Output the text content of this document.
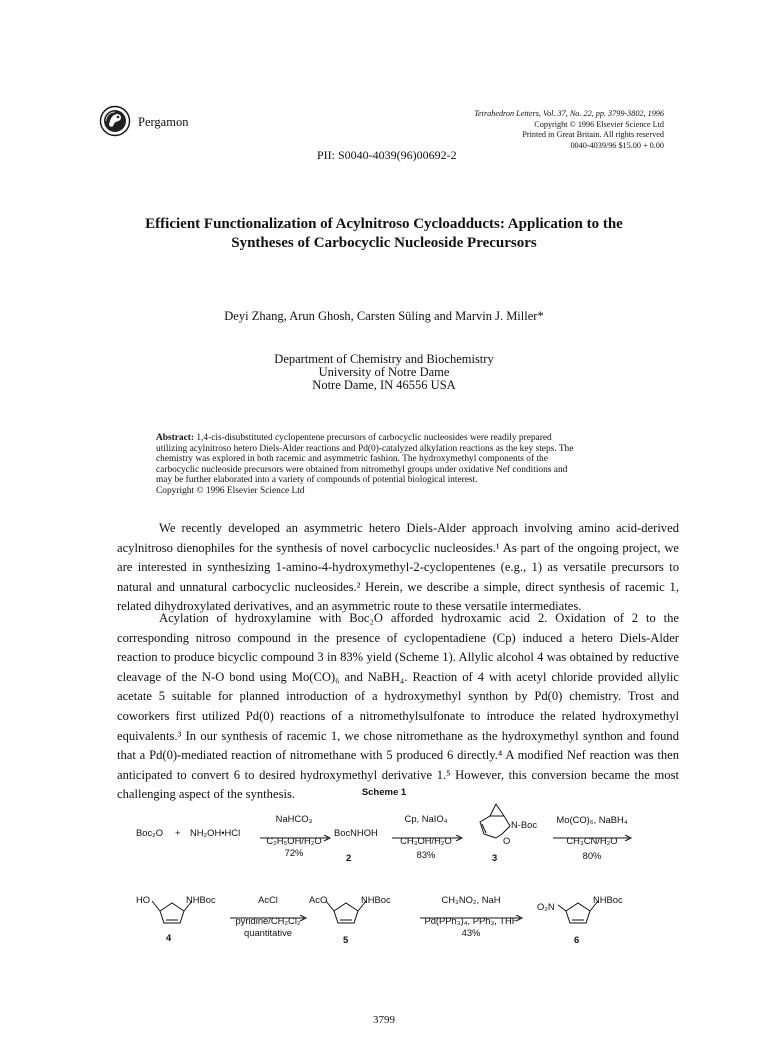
Pergamon
Tetrahedron Letters, Vol. 37, No. 22, pp. 3799-3802, 1996
Copyright © 1996 Elsevier Science Ltd
Printed in Great Britain. All rights reserved
0040-4039/96 $15.00 + 0.00
PII: S0040-4039(96)00692-2
Efficient Functionalization of Acylnitroso Cycloadducts: Application to the
Syntheses of Carbocyclic Nucleoside Precursors
Deyi Zhang, Arun Ghosh, Carsten Süling and Marvin J. Miller*
Department of Chemistry and Biochemistry
University of Notre Dame
Notre Dame, IN 46556 USA
Abstract: 1,4-cis-disubstituted cyclopentene precursors of carbocyclic nucleosides were readily prepared
utilizing acylnitroso hetero Diels-Alder reactions and Pd(0)-catalyzed alkylation reactions as the key steps. The
chemistry was explored in both racemic and asymmetric fashion. The hydroxymethyl components of the
carbocyclic nucleoside precursors were obtained from nitromethyl groups under oxidative Nef conditions and
may be further elaborated into a variety of compounds of potential biological interest.
Copyright © 1996 Elsevier Science Ltd
We recently developed an asymmetric hetero Diels-Alder approach involving amino acid-derived acylnitroso dienophiles for the synthesis of novel carbocyclic nucleosides.¹ As part of the ongoing project, we are interested in synthesizing 1-amino-4-hydroxymethyl-2-cyclopentenes (e.g., 1) as versatile precursors to natural and unnatural carbocyclic nucleosides.² Herein, we describe a simple, direct synthesis of racemic 1, related dihydroxylated derivatives, and an asymmetric route to these versatile intermediates.
Acylation of hydroxylamine with Boc₂O afforded hydroxamic acid 2. Oxidation of 2 to the corresponding nitroso compound in the presence of cyclopentadiene (Cp) induced a hetero Diels-Alder reaction to produce bicyclic compound 3 in 83% yield (Scheme 1). Allylic alcohol 4 was obtained by reductive cleavage of the N-O bond using Mo(CO)₆ and NaBH₄. Reaction of 4 with acetyl chloride provided allylic acetate 5 suitable for planned introduction of a hydroxymethyl synthon by Pd(0) chemistry. Trost and coworkers first utilized Pd(0) reactions of a nitromethylsulfonate to introduce the related hydroxymethyl equivalents.³ In our synthesis of racemic 1, we chose nitromethane as the hydroxymethyl synthon and found that a Pd(0)-mediated reaction of nitromethane with 5 produced 6 directly.⁴ A modified Nef reaction was then anticipated to convert 6 to desired hydroxymethyl derivative 1.⁵ However, this conversion became the most challenging aspect of the synthesis.	Scheme 1
Boc₂O + NH₂OH•HCl
NaHCO₃
C₂H₅OH/H₂O
72%
BocNHOH
2
Cp, NaIO₄
CH₃OH/H₂O
83%
N-Boc
O
3
Mo(CO)₆, NaBH₄
CH₃CN/H₂O
80%
HO	NHBoc
4
AcCl
pyridine/CH₂Cl₂
quantitative
AcO	NHBoc
5
CH₃NO₂, NaH
Pd(PPh₃)₄, PPh₃, THF
43%
O₂N
NHBoc
6
3799
